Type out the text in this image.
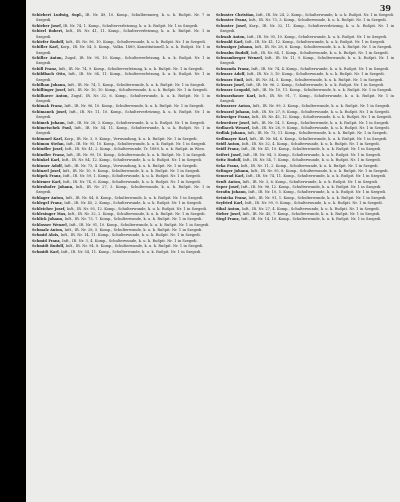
39

Schiebert Ludwig, Supl., IR. Nr. 49, 10. Komp., Schulbrennerg, k. u. k. RuSpit. Nr. 7 in Szegedi.

Schieber Josef, IR. Nr. 74, 1. Komp., Schulterverletzung, k. u. k. RuSpit. Nr. 1 in Szegedi.

Schierl Robert, Inft., IR. Nr. 41, 11. Komp., Schulterverletzung, k. u. k. RuSpit. Nr. 1 in Szegedi.

Schiefer Rudolf, Inft., IR. Nr. 96, 10. Komp., Schulterwunde, k. u. k. RuSpit. Nr. 1 in Szegedi.

Schiller Karl, Korp., IR. Nr. 54, 5. Komp., Volkn. 1889, Konstitutionell, k. u. k. RuSpit. Nr. 1 in Szegedi.

Schiller Anton, Zugsf., IR. Nr. 95, 10. Komp., Schulterverletzung, k. u. k. RuSpit. Nr. 1 in Szegedi.

Schill Franz, Inft., IR. Nr. 74, 9. Komp., Schulterverletzung, k. u. k. RuSpit. Nr. 1 in Szegedi.

Schildbach Otto, Inft., IR. Nr. 94, 11. Komp., Schulterverletzung, k. u. k. RuSpit. Nr. 1 in Szegedi.

Schilhan Johann, Inft., IR. Nr. 74, 1. Komp., Schulterwunde, k. u. k. RuSpit. Nr. 1 in Szegedi.

Schillinger Josef, Inft., IR. Nr. 10, 10. Komp., Schulterwunde, k. u. k. RuSpit. Nr. 1 in Szegedi.

Schilhaver Anton, Zugsf., IR. Nr. 32, 6. Komp., Schulterwunde, k. u. k. RuSpit. Nr. 1 in Szegedi.

Schimak Franz, Inft., IR. Nr. 96, 10. Komp., Schulterwunde, k. u. k. RuSpit. Nr. 1 in Szegedi.

Schimanek Josef, Inft., IR. Nr. 11, 10. Komp., Schulterverletzung, k. u. k. RuSpit. Nr. 1 in Szegedi.

Schimek Johann, Inft., IR. Nr. 28, 3. Komp., Schulterwunde, k. u. k. RuSpit. Nr. 1 in Szegedi.

Schimetschek Paul, Inft., IR. Nr. 54, 11. Komp., Schulterwunde, k. u. k. RuSpit. Nr. 1 in Szegedi.

Schimmel Karl, Korp., IR. Nr. 3, 9. Komp., Verwundung, k. u. k. RuSpit. Nr. 1 in Szegedi.

Schimon Stefan, Inft., IR. Nr. 95, 10. Komp., Schulterwunde, k. u. k. RuSpit. Nr. 1 in Szegedi.

Schindler Josef, Inft., IR. Nr. 41, 2. Komp., Schulterwunde, Tr. 1889, k. u. k. RuSpit. in Wien.

Schindler Franz, Inft., IR. Nr. 99, 10. Komp., Schulterwunde, k. u. k. RuSpit. Nr. 1 in Szegedi.

Schinkel Karl, Inft., IR. Nr. 84, 12. Komp., Schulterwunde, k. u. k. RuSpit. Nr. 1 in Szegedi.

Schinner Adolf, Inft., IR. Nr. 73, 4. Komp., Verwundung, k. u. k. RuSpit. Nr. 1 in Szegedi.

Schinzel Josef, Inft., IR. Nr. 10, 9. Komp., Schulterwunde, k. u. k. RuSpit. Nr. 1 in Szegedi.

Schipek Franz, Inft., IR. Nr. 59, 1. Komp., Schulterwunde, k. u. k. RuSpit. Nr. 1 in Szegedi.

Schirmer Karl, Inft., IR. Nr. 74, 6. Komp., Schulterwunde, k. u. k. RuSpit. Nr. 1 in Szegedi.

Schirnhofer Johann, Inft., IR. Nr. 27, 3. Komp., Schulterwunde, k. u. k. RuSpit. Nr. 1 in Szegedi.

Schlager Anton, Inft., IR. Nr. 84, 8. Komp., Schulterwunde, k. u. k. RuSpit. Nr. 1 in Szegedi.

Schlegel Franz, Inft., IR. Nr. 45, 2. Komp., Schulterwunde, k. u. k. RuSpit. Nr. 1 in Szegedi.

Schleicher Josef, Inft., IR. Nr. 95, 12. Komp., Schulterwunde, k. u. k. RuSpit. Nr. 1 in Szegedi.

Schlesinger Max, Inft., IR. Nr. 32, 2. Komp., Schulterwunde, k. u. k. RuSpit. Nr. 1 in Szegedi.

Schlick Johann, Inft., IR. Nr. 73, 7. Komp., Schulterwunde, k. u. k. RuSpit. Nr. 1 in Szegedi.

Schlosser Wenzel, Inft., IR. Nr. 91, 10. Komp., Schulterwunde, k. u. k. RuSpit. Nr. 1 in Szegedi.

Schmalz Anton, Inft., IR. Nr. 28, 5. Komp., Schulterwunde, k. u. k. RuSpit. Nr. 1 in Szegedi.

Schmid Alois, Inft., IR. Nr. 14, 11. Komp., Schulterwunde, k. u. k. RuSpit. Nr. 1 in Szegedi.

Schmid Franz, Inft., IR. Nr. 3, 4. Komp., Schulterwunde, k. u. k. RuSpit. Nr. 1 in Szegedi.

Schmidt Rudolf, Inft., IR. Nr. 94, 8. Komp., Schulterwunde, k. u. k. RuSpit. Nr. 1 in Szegedi.

Schmidt Karl, Inft., IR. Nr. 54, 11. Komp., Schulterwunde, k. u. k. RuSpit. Nr. 1 in Szegedi.

Schuster Christian, Inft., IR. Nr. 24, 2. Komp., Schulterwunde, k. u. k. RuSpit. Nr. 1 in Szegedi.

Schuster Franz, Inft., IR. Nr. 73, 3. Komp., Schulterwunde, k. u. k. RuSpit. Nr. 1 in Szegedi.

Schuster Josef, Korp., IR. Nr. 32, 11. Komp., Schulterverletzung, k. u. k. RuSpit. Nr. 1 in Szegedi.

Schwab Anton, Inft., IR. Nr. 95, 10. Komp., Schulterwunde, k. u. k. RuSpit. Nr. 1 in Szegedi.

Schwabl Karl, Inft., IR. Nr. 41, 12. Komp., Schulterwunde, k. u. k. RuSpit. Nr. 1 in Szegedi.

Schwaiger Johann, Inft., IR. Nr. 28, 6. Komp., Schulterwunde, k. u. k. RuSpit. Nr. 1 in Szegedi.

Schwalm Rudolf, Inft., IR. Nr. 84, 1. Komp., Schulterwunde, k. u. k. RuSpit. Nr. 1 in Szegedi.

Schwamberger Wenzel, Inft., IR. Nr. 11, 9. Komp., Schulterwunde, k. u. k. RuSpit. Nr. 1 in Szegedi.

Schwanda Franz, Inft., IR. Nr. 74, 4. Komp., Schulterwunde, k. u. k. RuSpit. Nr. 1 in Szegedi.

Schwarz Adolf, Inft., IR. Nr. 3, 10. Komp., Schulterwunde, k. u. k. RuSpit. Nr. 1 in Szegedi.

Schwarz Emil, Inft., IR. Nr. 54, 5. Komp., Schulterwunde, k. u. k. RuSpit. Nr. 1 in Szegedi.

Schwarz Josef, Inft., IR. Nr. 96, 2. Komp., Schulterwunde, k. u. k. RuSpit. Nr. 1 in Szegedi.

Schwarz Leopold, Inft., IR. Nr. 10, 11. Komp., Schulterwunde, k. u. k. RuSpit. Nr. 1 in Szegedi.

Schwarzbauer Karl, Inft., IR. Nr. 91, 7. Komp., Schulterwunde, k. u. k. RuSpit. Nr. 1 in Szegedi.

Schwarzer Anton, Inft., IR. Nr. 99, 3. Komp., Schulterwunde, k. u. k. RuSpit. Nr. 1 in Szegedi.

Schwarzl Johann, Inft., IR. Nr. 27, 8. Komp., Schulterwunde, k. u. k. RuSpit. Nr. 1 in Szegedi.

Schweiger Franz, Inft., IR. Nr. 45, 12. Komp., Schulterwunde, k. u. k. RuSpit. Nr. 1 in Szegedi.

Schweitzer Josef, Inft., IR. Nr. 14, 1. Komp., Schulterwunde, k. u. k. RuSpit. Nr. 1 in Szegedi.

Sedlacek Wenzel, Inft., IR. Nr. 28, 9. Komp., Schulterwunde, k. u. k. RuSpit. Nr. 1 in Szegedi.

Sedlak Johann, Inft., IR. Nr. 73, 11. Komp., Schulterwunde, k. u. k. RuSpit. Nr. 1 in Szegedi.

Sedlmayer Karl, Inft., IR. Nr. 84, 6. Komp., Schulterwunde, k. u. k. RuSpit. Nr. 1 in Szegedi.

Seidl Anton, Inft., IR. Nr. 32, 4. Komp., Schulterwunde, k. u. k. RuSpit. Nr. 1 in Szegedi.

Seidl Franz, Inft., IR. Nr. 41, 10. Komp., Schulterwunde, k. u. k. RuSpit. Nr. 1 in Szegedi.

Seifert Josef, Inft., IR. Nr. 94, 3. Komp., Schulterwunde, k. u. k. RuSpit. Nr. 1 in Szegedi.

Seitz Rudolf, Inft., IR. Nr. 54, 7. Komp., Schulterwunde, k. u. k. RuSpit. Nr. 1 in Szegedi.

Seka Franz, Inft., IR. Nr. 11, 2. Komp., Schulterwunde, k. u. k. RuSpit. Nr. 1 in Szegedi.

Selinger Johann, Inft., IR. Nr. 95, 8. Komp., Schulterwunde, k. u. k. RuSpit. Nr. 1 in Szegedi.

Semerad Karl, Inft., IR. Nr. 74, 11. Komp., Schulterwunde, k. u. k. RuSpit. Nr. 1 in Szegedi.

Senft Anton, Inft., IR. Nr. 3, 6. Komp., Schulterwunde, k. u. k. RuSpit. Nr. 1 in Szegedi.

Seper Josef, Inft., IR. Nr. 96, 12. Komp., Schulterwunde, k. u. k. RuSpit. Nr. 1 in Szegedi.

Serafin Johann, Inft., IR. Nr. 10, 5. Komp., Schulterwunde, k. u. k. RuSpit. Nr. 1 in Szegedi.

Setnicka Franz, Inft., IR. Nr. 91, 1. Komp., Schulterwunde, k. u. k. RuSpit. Nr. 1 in Szegedi.

Seyfried Karl, Inft., IR. Nr. 99, 9. Komp., Schulterwunde, k. u. k. RuSpit. Nr. 1 in Szegedi.

Sibal Anton, Inft., IR. Nr. 27, 4. Komp., Schulterwunde, k. u. k. RuSpit. Nr. 1 in Szegedi.

Sieber Josef, Inft., IR. Nr. 45, 7. Komp., Schulterwunde, k. u. k. RuSpit. Nr. 1 in Szegedi.

Siegl Franz, Inft., IR. Nr. 14, 10. Komp., Schulterwunde, k. u. k. RuSpit. Nr. 1 in Szegedi.
